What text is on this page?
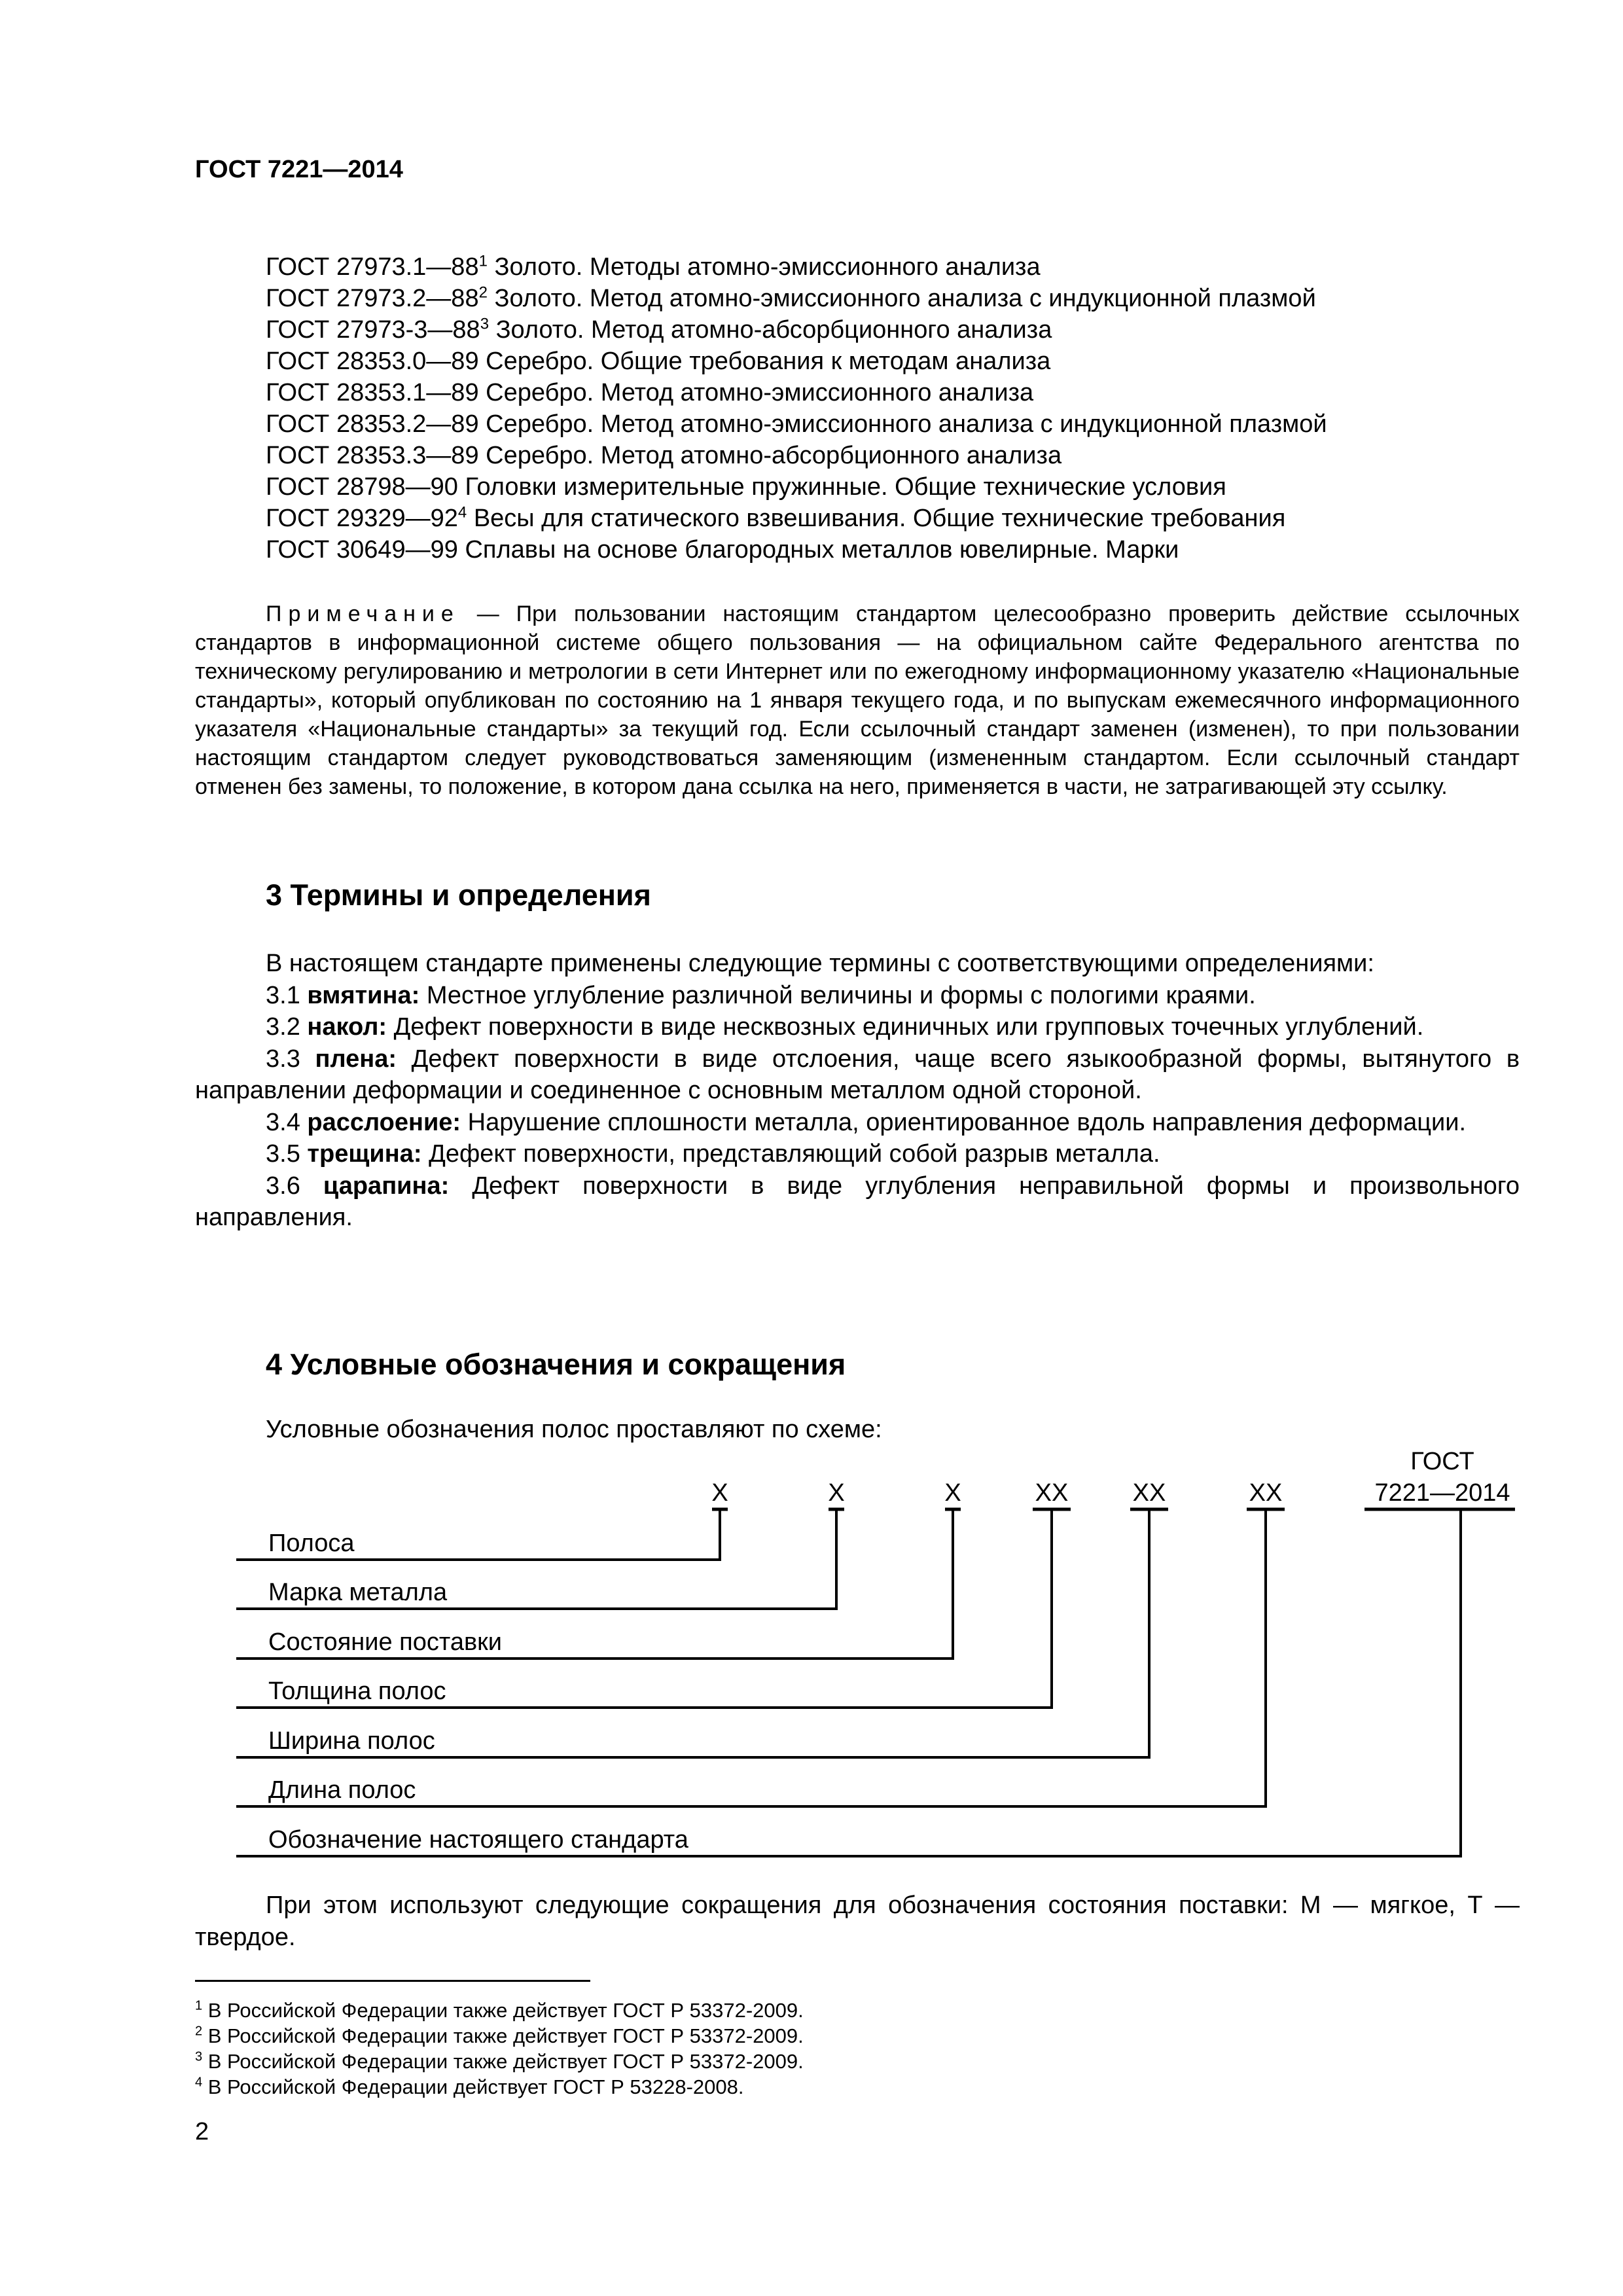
ГОСТ 7221—2014
ГОСТ $27973.1—88^1$ Золото. Методы атомно-эмиссионного анализа
ГОСТ $27973.2—88^2$ Золото. Метод атомно-эмиссионного анализа с индукционной плазмой
ГОСТ $27973-3—88^3$ Золото. Метод атомно-абсорбционного анализа
ГОСТ 28353.0—89 Серебро. Общие требования к методам анализа
ГОСТ 28353.1—89 Серебро. Метод атомно-эмиссионного анализа
ГОСТ 28353.2—89 Серебро. Метод атомно-эмиссионного анализа с индукционной плазмой
ГОСТ 28353.3—89 Серебро. Метод атомно-абсорбционного анализа
ГОСТ 28798—90 Головки измерительные пружинные. Общие технические условия
ГОСТ $29329—92^4$ Весы для статического взвешивания. Общие технические требования
ГОСТ 30649—99 Сплавы на основе благородных металлов ювелирные. Марки
Примечание — При пользовании настоящим стандартом целесообразно проверить действие ссылочных стандартов в информационной системе общего пользования — на официальном сайте Федерального агентства по техническому регулированию и метрологии в сети Интернет или по ежегодному информационному указателю «Национальные стандарты», который опубликован по состоянию на 1 января текущего года, и по выпускам ежемесячного информационного указателя «Национальные стандарты» за текущий год. Если ссылочный стандарт заменен (изменен), то при пользовании настоящим стандартом следует руководствоваться заменяющим (измененным стандартом. Если ссылочный стандарт отменен без замены, то положение, в котором дана ссылка на него, применяется в части, не затрагивающей эту ссылку.
3 Термины и определения

В настоящем стандарте применены следующие термины с соответствующими определениями:

3.1 вмятина: Местное углубление различной величины и формы с пологими краями.

3.2 накол: Дефект поверхности в виде несквозных единичных или групповых точечных углублений.

3.3 плена: Дефект поверхности в виде отслоения, чаще всего языкообразной формы, вытянутого в направлении деформации и соединенное с основным металлом одной стороной.

3.4 расслоение: Нарушение сплошности металла, ориентированное вдоль направления деформации.

3.5 трещина: Дефект поверхности, представляющий собой разрыв металла.

3.6 царапина: Дефект поверхности в виде углубления неправильной формы и произвольного направления.

4 Условные обозначения и сокращения
Условные обозначения полос проставляют по схеме:
X	X	X	XX	XX	XX
ГОСТ
7221—2014
Полоса
Марка металла
Состояние поставки
Толщина полос
Ширина полос
Длина полос
Обозначение настоящего стандарта

При этом используют следующие сокращения для обозначения состояния поставки: М — мягкое, Т — твердое.

$^1$ В Российской Федерации также действует ГОСТ Р 53372-2009.
$^2$ В Российской Федерации также действует ГОСТ Р 53372-2009.
$^3$ В Российской Федерации также действует ГОСТ Р 53372-2009.
$^4$ В Российской Федерации действует ГОСТ Р 53228-2008.
2
